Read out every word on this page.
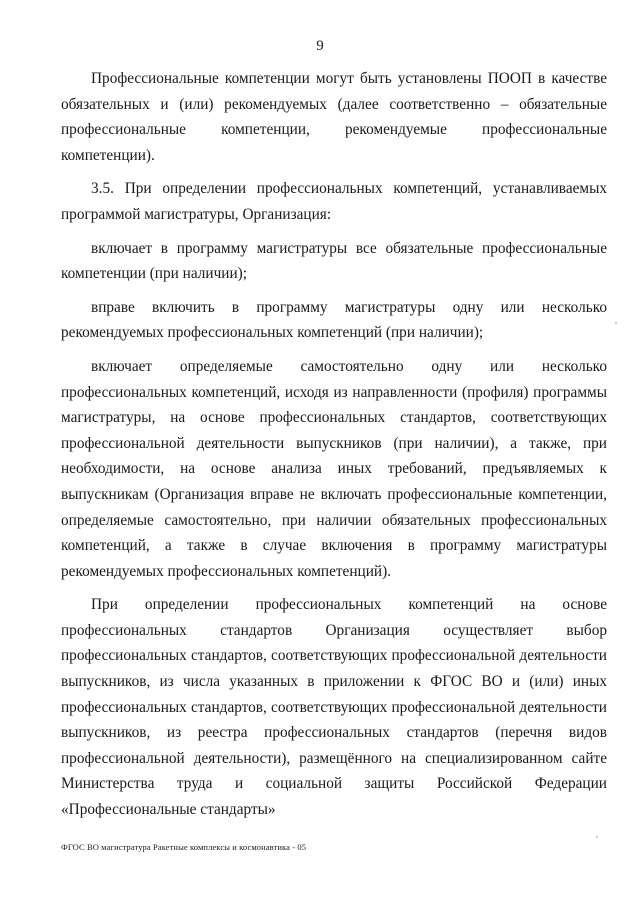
9

Профессиональные компетенции могут быть установлены ПООП в качестве обязательных и (или) рекомендуемых (далее соответственно – обязательные профессиональные компетенции, рекомендуемые профессиональные компетенции).

3.5. При определении профессиональных компетенций, устанавливаемых программой магистратуры, Организация:

включает в программу магистратуры все обязательные профессиональные компетенции (при наличии);

вправе включить в программу магистратуры одну или несколько рекомендуемых профессиональных компетенций (при наличии);

включает определяемые самостоятельно одну или несколько профессиональных компетенций, исходя из направленности (профиля) программы магистратуры, на основе профессиональных стандартов, соответствующих профессиональной деятельности выпускников (при наличии), а также, при необходимости, на основе анализа иных требований, предъявляемых к выпускникам (Организация вправе не включать профессиональные компетенции, определяемые самостоятельно, при наличии обязательных профессиональных компетенций, а также в случае включения в программу магистратуры рекомендуемых профессиональных компетенций).

При определении профессиональных компетенций на основе профессиональных стандартов Организация осуществляет выбор профессиональных стандартов, соответствующих профессиональной деятельности выпускников, из числа указанных в приложении к ФГОС ВО и (или) иных профессиональных стандартов, соответствующих профессиональной деятельности выпускников, из реестра профессиональных стандартов (перечня видов профессиональной деятельности), размещённого на специализированном сайте Министерства труда и социальной защиты Российской Федерации «Профессиональные стандарты»

ФГОС ВО магистратура Ракетные комплексы и космонавтика - 05
